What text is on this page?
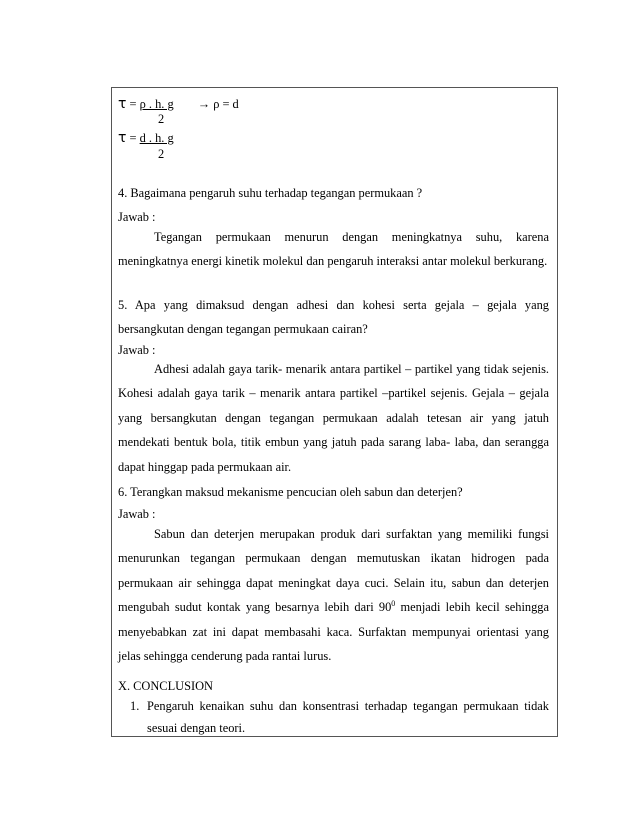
τ = ρ . h. g → ρ = d
2
τ = d . h. g
2
4. Bagaimana pengaruh suhu terhadap tegangan permukaan ?
Jawab :

Tegangan permukaan menurun dengan meningkatnya suhu, karena meningkatnya energi kinetik molekul dan pengaruh interaksi antar molekul berkurang.

5. Apa yang dimaksud dengan adhesi dan kohesi serta gejala – gejala yang bersangkutan dengan tegangan permukaan cairan?

Jawab :

Adhesi adalah gaya tarik- menarik antara partikel – partikel yang tidak sejenis. Kohesi adalah gaya tarik – menarik antara partikel –partikel sejenis. Gejala – gejala yang bersangkutan dengan tegangan permukaan adalah tetesan air yang jatuh mendekati bentuk bola, titik embun yang jatuh pada sarang laba- laba, dan serangga dapat hinggap pada permukaan air.

6. Terangkan maksud mekanisme pencucian oleh sabun dan deterjen?
Jawab :

Sabun dan deterjen merupakan produk dari surfaktan yang memiliki fungsi menurunkan tegangan permukaan dengan memutuskan ikatan hidrogen pada permukaan air sehingga dapat meningkat daya cuci. Selain itu, sabun dan deterjen mengubah sudut kontak yang besarnya lebih dari $90^0$ menjadi lebih kecil sehingga menyebabkan zat ini dapat membasahi kaca. Surfaktan mempunyai orientasi yang jelas sehingga cenderung pada rantai lurus.

X. CONCLUSION
1. Pengaruh kenaikan suhu dan konsentrasi terhadap tegangan permukaan tidak sesuai dengan teori.
